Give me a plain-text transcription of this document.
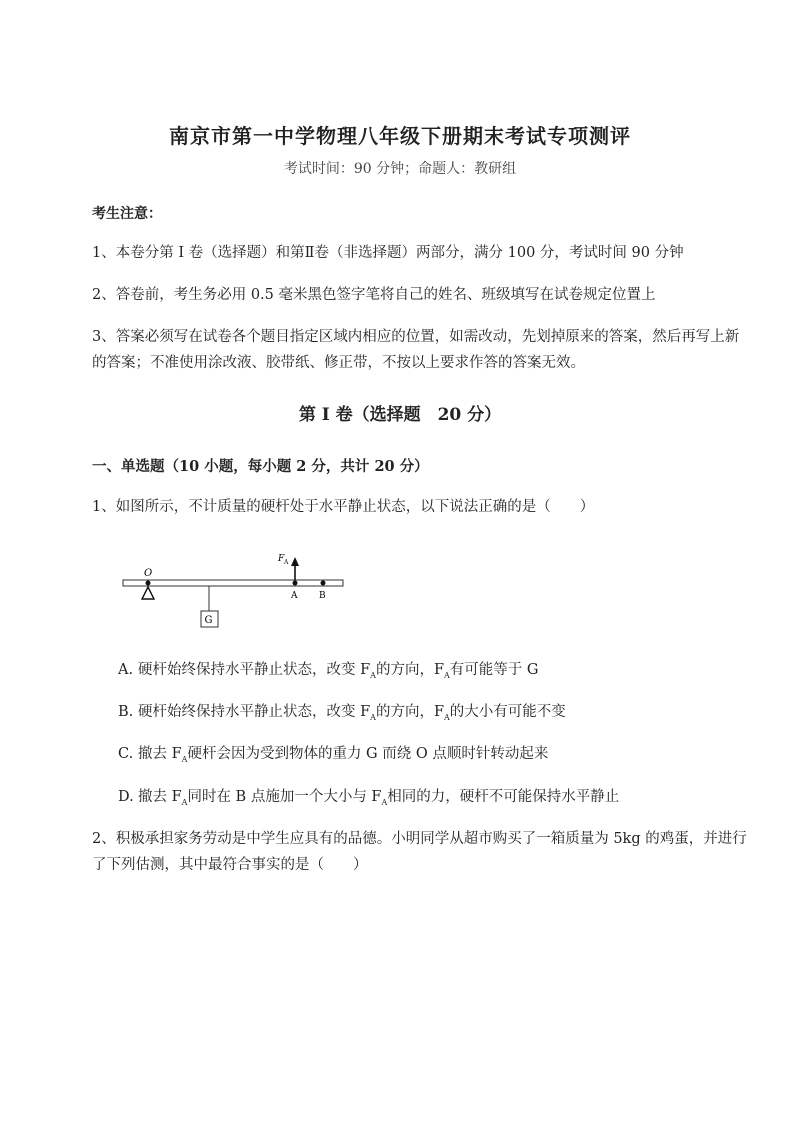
南京市第一中学物理八年级下册期末考试专项测评
考试时间：90 分钟；命题人：教研组
考生注意：
1、本卷分第 I 卷（选择题）和第Ⅱ卷（非选择题）两部分，满分 100 分，考试时间 90 分钟
2、答卷前，考生务必用 0.5 毫米黑色签字笔将自己的姓名、班级填写在试卷规定位置上
3、答案必须写在试卷各个题目指定区域内相应的位置，如需改动，先划掉原来的答案，然后再写上新的答案；不准使用涂改液、胶带纸、修正带，不按以上要求作答的答案无效。
第 I 卷（选择题　20 分）
一、单选题（10 小题，每小题 2 分，共计 20 分）
1、如图所示，不计质量的硬杆处于水平静止状态，以下说法正确的是（　　）
O
G
A B
F A
A. 硬杆始终保持水平静止状态，改变 $F_A$的方向，$F_A$有可能等于 G
B. 硬杆始终保持水平静止状态，改变 $F_A$的方向，$F_A$的大小有可能不变
C. 撤去 $F_A$硬杆会因为受到物体的重力 G 而绕 O 点顺时针转动起来
D. 撤去 $F_A$同时在 B 点施加一个大小与 $F_A$相同的力，硬杆不可能保持水平静止
2、积极承担家务劳动是中学生应具有的品德。小明同学从超市购买了一箱质量为 5kg 的鸡蛋，并进行了下列估测，其中最符合事实的是（　　）
